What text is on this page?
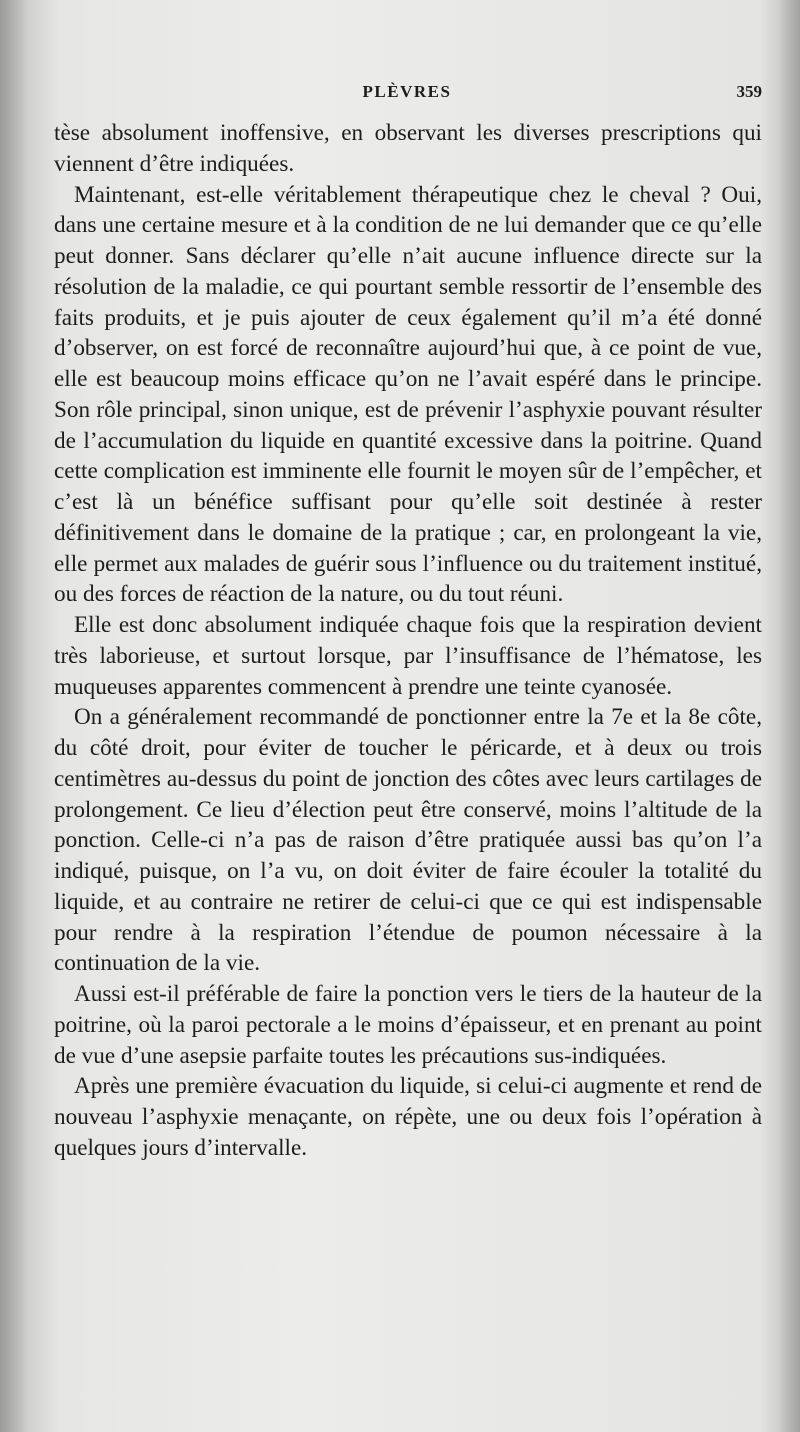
PLÈVRES	359

tèse absolument inoffensive, en observant les diverses prescriptions qui viennent d’être indiquées.

Maintenant, est-elle véritablement thérapeutique chez le cheval ? Oui, dans une certaine mesure et à la condition de ne lui demander que ce qu’elle peut donner. Sans déclarer qu’elle n’ait aucune influence directe sur la résolution de la maladie, ce qui pourtant semble ressortir de l’ensemble des faits produits, et je puis ajouter de ceux également qu’il m’a été donné d’observer, on est forcé de reconnaître aujourd’hui que, à ce point de vue, elle est beaucoup moins efficace qu’on ne l’avait espéré dans le principe. Son rôle principal, sinon unique, est de prévenir l’asphyxie pouvant résulter de l’accumulation du liquide en quantité excessive dans la poitrine. Quand cette complication est imminente elle fournit le moyen sûr de l’empêcher, et c’est là un bénéfice suffisant pour qu’elle soit destinée à rester définitivement dans le domaine de la pratique ; car, en prolongeant la vie, elle permet aux malades de guérir sous l’influence ou du traitement institué, ou des forces de réaction de la nature, ou du tout réuni.

Elle est donc absolument indiquée chaque fois que la respiration devient très laborieuse, et surtout lorsque, par l’insuffisance de l’hématose, les muqueuses apparentes commencent à prendre une teinte cyanosée.

On a généralement recommandé de ponctionner entre la 7e et la 8e côte, du côté droit, pour éviter de toucher le péricarde, et à deux ou trois centimètres au-dessus du point de jonction des côtes avec leurs cartilages de prolongement. Ce lieu d’élection peut être conservé, moins l’altitude de la ponction. Celle-ci n’a pas de raison d’être pratiquée aussi bas qu’on l’a indiqué, puisque, on l’a vu, on doit éviter de faire écouler la totalité du liquide, et au contraire ne retirer de celui-ci que ce qui est indispensable pour rendre à la respiration l’étendue de poumon nécessaire à la continuation de la vie.

Aussi est-il préférable de faire la ponction vers le tiers de la hauteur de la poitrine, où la paroi pectorale a le moins d’épaisseur, et en prenant au point de vue d’une asepsie parfaite toutes les précautions sus-indiquées.

Après une première évacuation du liquide, si celui-ci augmente et rend de nouveau l’asphyxie menaçante, on répète, une ou deux fois l’opération à quelques jours d’intervalle.
